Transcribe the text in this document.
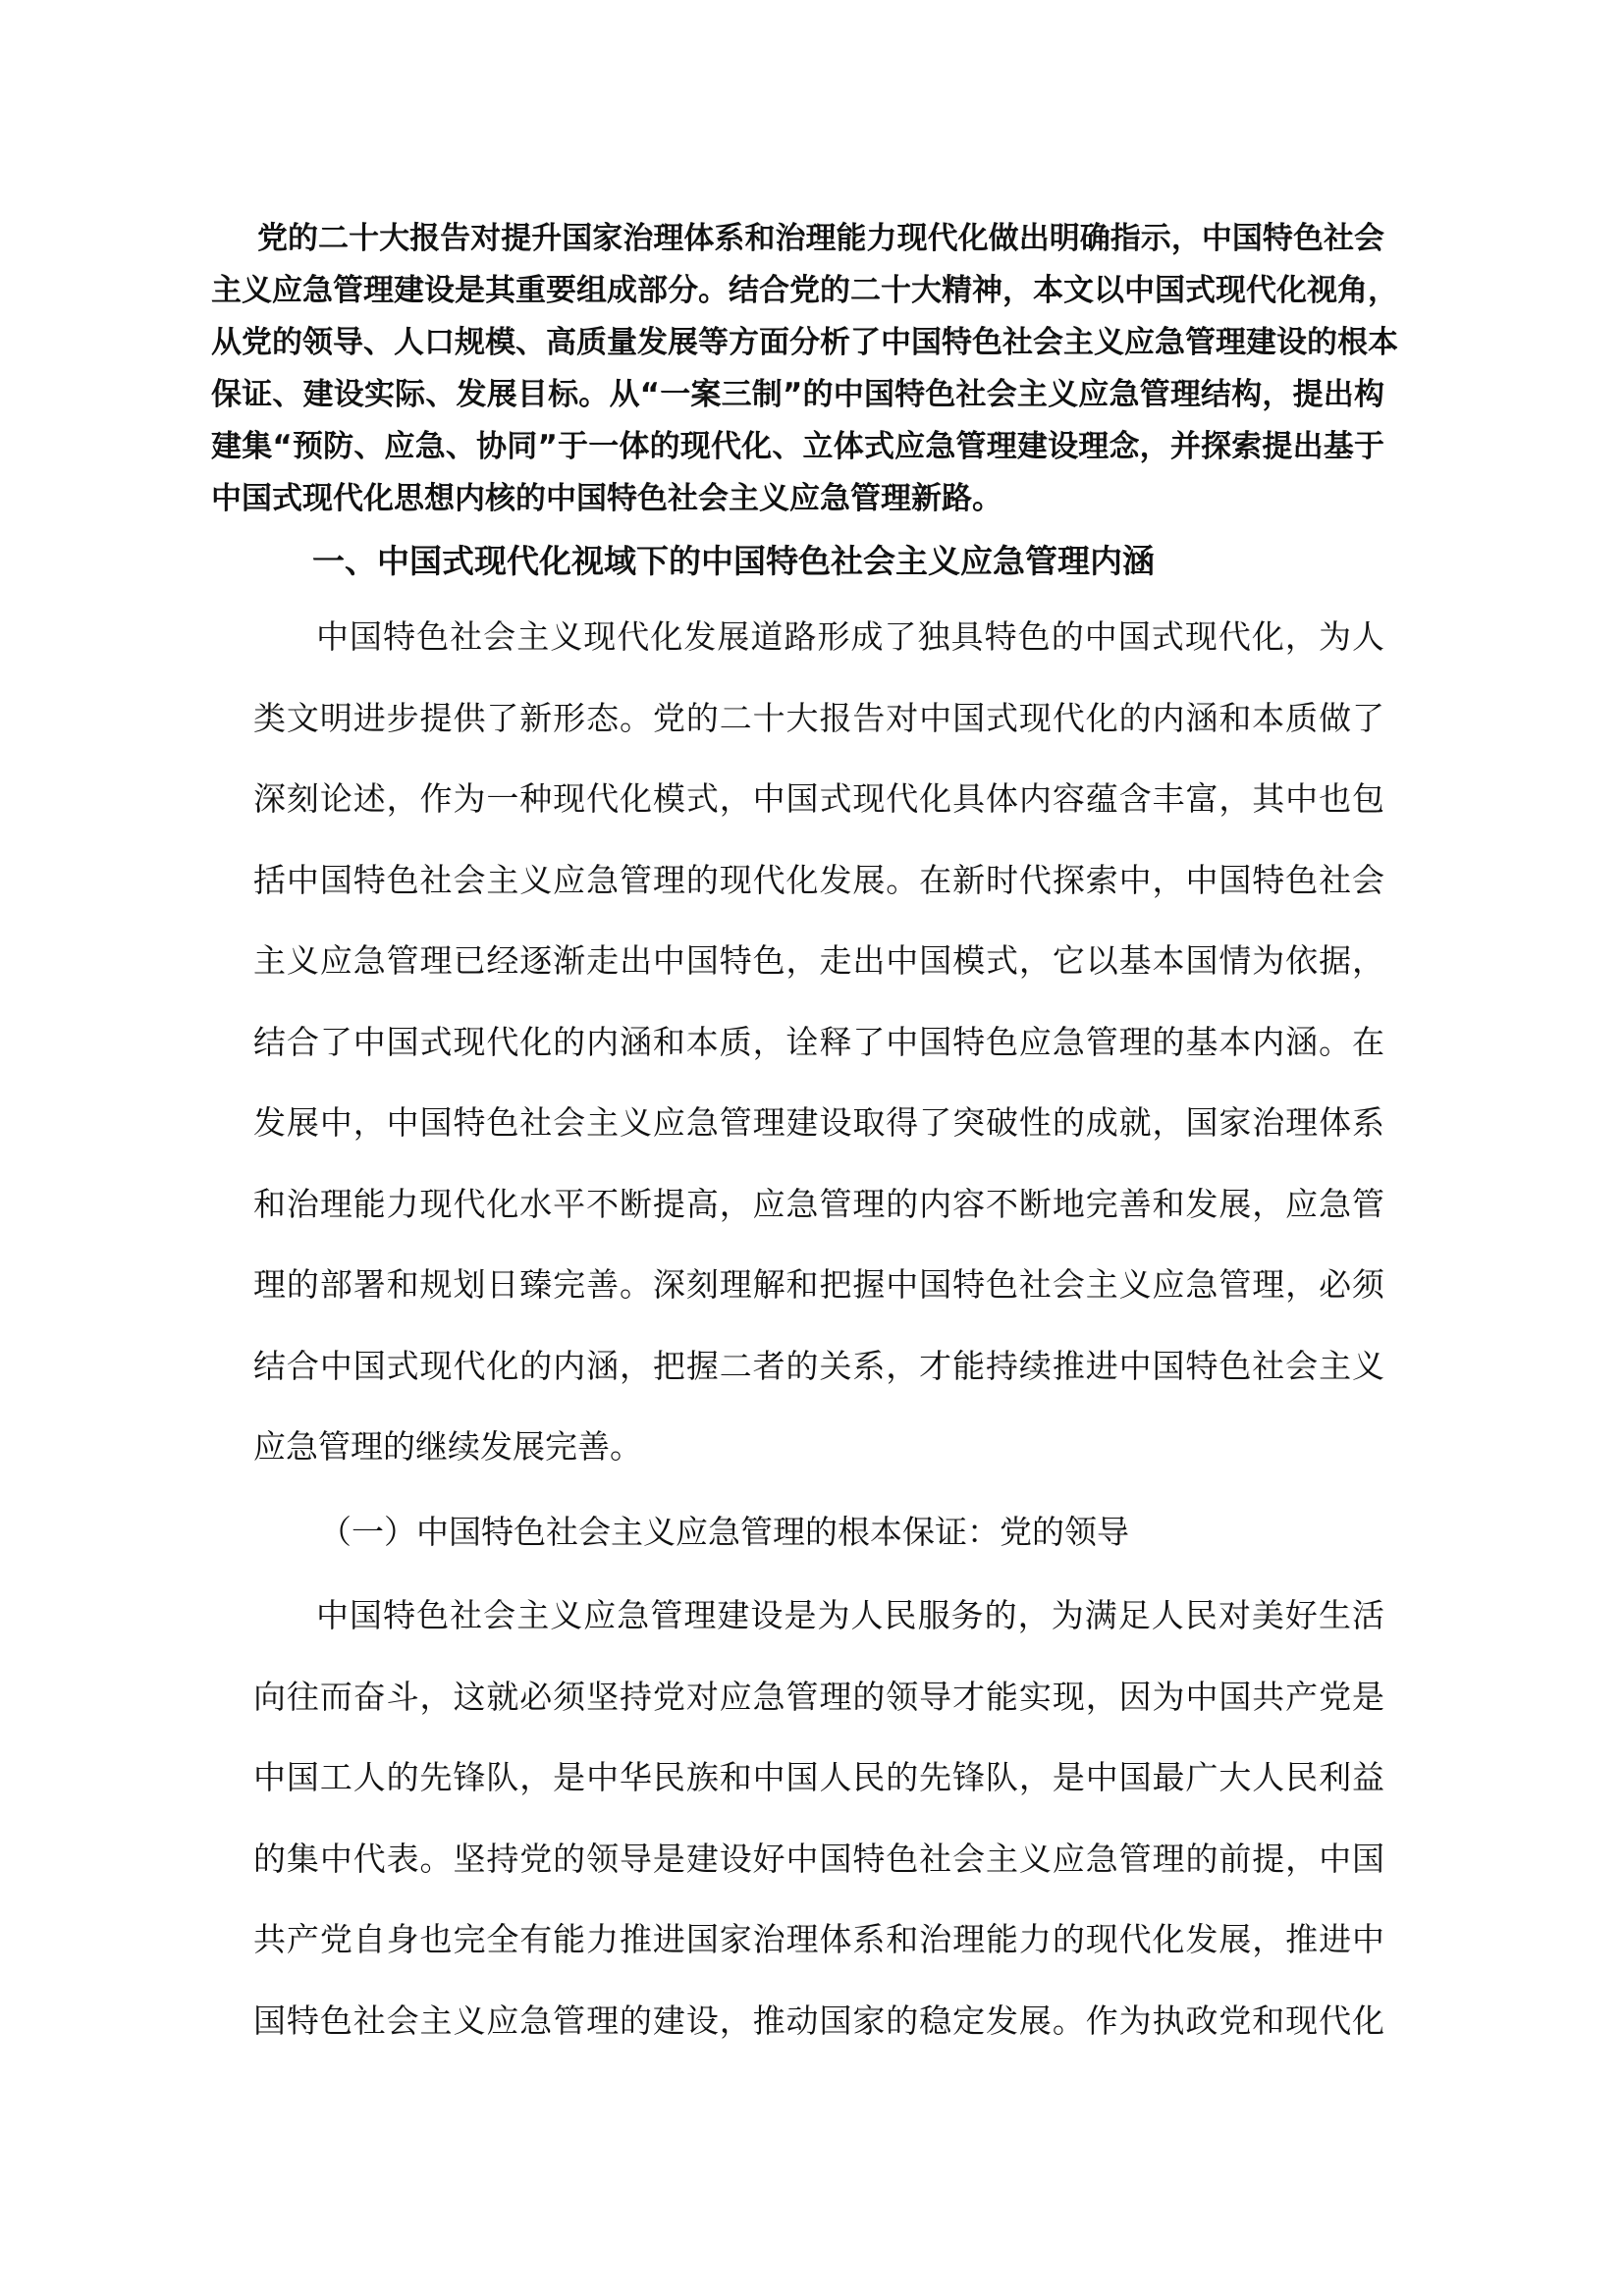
党的二十大报告对提升国家治理体系和治理能力现代化做出明确指示，中国特色社会
主义应急管理建设是其重要组成部分。结合党的二十大精神，本文以中国式现代化视角，
从党的领导、人口规模、高质量发展等方面分析了中国特色社会主义应急管理建设的根本
保证、建设实际、发展目标。从“一案三制”的中国特色社会主义应急管理结构，提出构
建集“预防、应急、协同”于一体的现代化、立体式应急管理建设理念，并探索提出基于
中国式现代化思想内核的中国特色社会主义应急管理新路。
一、中国式现代化视域下的中国特色社会主义应急管理内涵
中国特色社会主义现代化发展道路形成了独具特色的中国式现代化，为人
类文明进步提供了新形态。党的二十大报告对中国式现代化的内涵和本质做了
深刻论述，作为一种现代化模式，中国式现代化具体内容蕴含丰富，其中也包
括中国特色社会主义应急管理的现代化发展。在新时代探索中，中国特色社会
主义应急管理已经逐渐走出中国特色，走出中国模式，它以基本国情为依据，
结合了中国式现代化的内涵和本质，诠释了中国特色应急管理的基本内涵。在
发展中，中国特色社会主义应急管理建设取得了突破性的成就，国家治理体系
和治理能力现代化水平不断提高，应急管理的内容不断地完善和发展，应急管
理的部署和规划日臻完善。深刻理解和把握中国特色社会主义应急管理，必须
结合中国式现代化的内涵，把握二者的关系，才能持续推进中国特色社会主义
应急管理的继续发展完善。
（一）中国特色社会主义应急管理的根本保证：党的领导
中国特色社会主义应急管理建设是为人民服务的，为满足人民对美好生活
向往而奋斗，这就必须坚持党对应急管理的领导才能实现，因为中国共产党是
中国工人的先锋队，是中华民族和中国人民的先锋队，是中国最广大人民利益
的集中代表。坚持党的领导是建设好中国特色社会主义应急管理的前提，中国
共产党自身也完全有能力推进国家治理体系和治理能力的现代化发展，推进中
国特色社会主义应急管理的建设，推动国家的稳定发展。作为执政党和现代化
